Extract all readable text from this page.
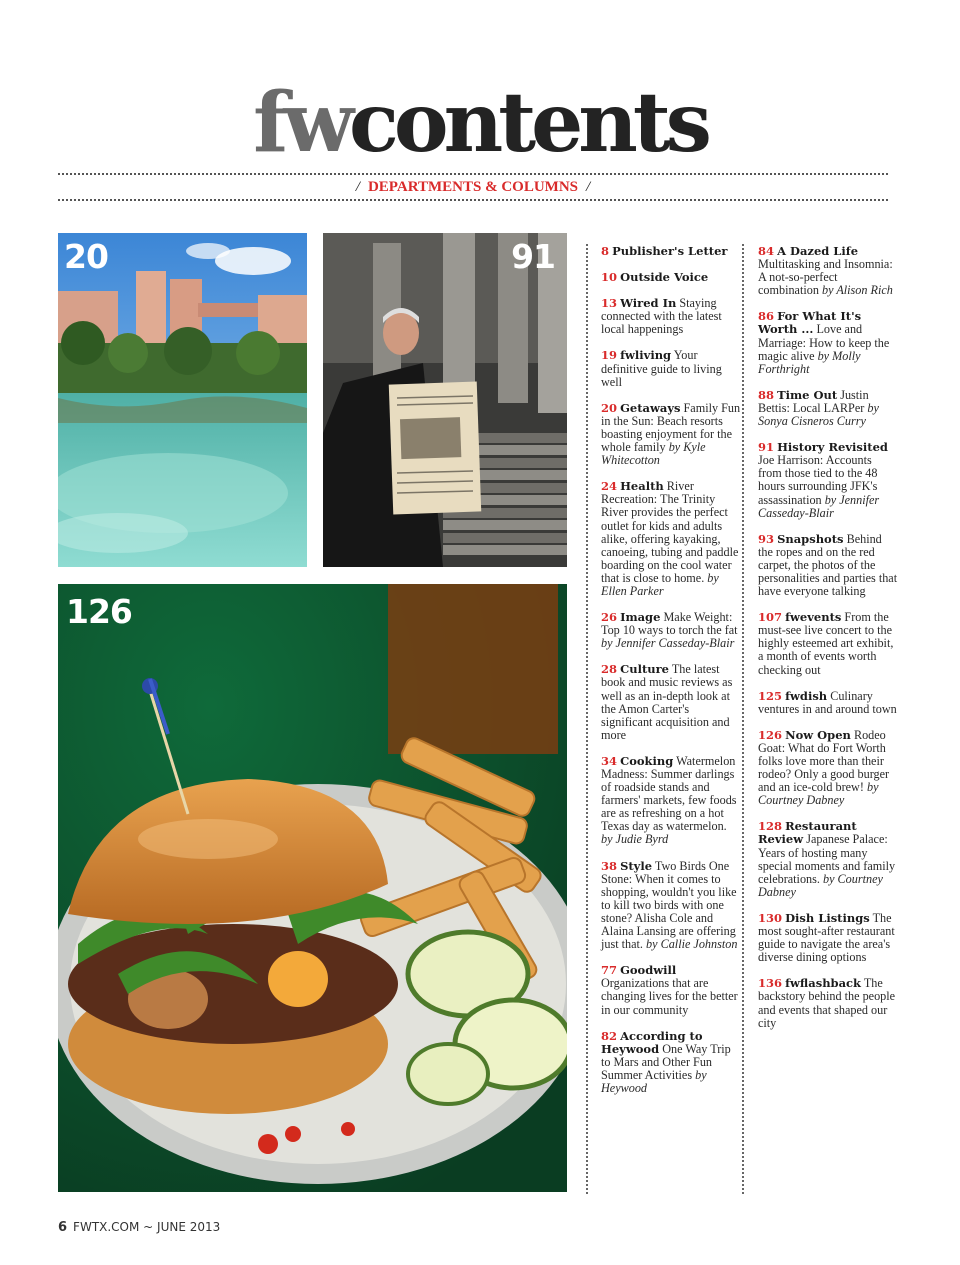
fwcontents
/ DEPARTMENTS & COLUMNS /
20	91
126
8 Publisher's Letter
10 Outside Voice
13 Wired In Staying connected with the latest local happenings
19 fwliving Your definitive guide to living well
20 Getaways Family Fun in the Sun: Beach resorts boasting enjoyment for the whole family by Kyle Whitecotton
24 Health River Recreation: The Trinity River provides the perfect outlet for kids and adults alike, offering kayaking, canoeing, tubing and paddle boarding on the cool water that is close to home. by Ellen Parker
26 Image Make Weight: Top 10 ways to torch the fat by Jennifer Casseday-Blair
28 Culture The latest book and music reviews as well as an in-depth look at the Amon Carter's significant acquisition and more
34 Cooking Watermelon Madness: Summer darlings of roadside stands and farmers' markets, few foods are as refreshing on a hot Texas day as watermelon. by Judie Byrd
38 Style Two Birds One Stone: When it comes to shopping, wouldn't you like to kill two birds with one stone? Alisha Cole and Alaina Lansing are offering just that. by Callie Johnston
77 Goodwill Organizations that are changing lives for the better in our community
82 According to Heywood One Way Trip to Mars and Other Fun Summer Activities by Heywood
84 A Dazed Life Multitasking and Insomnia: A not-so-perfect combination by Alison Rich
86 For What It's Worth ... Love and Marriage: How to keep the magic alive by Molly Forthright
88 Time Out Justin Bettis: Local LARPer by Sonya Cisneros Curry
91 History Revisited Joe Harrison: Accounts from those tied to the 48 hours surrounding JFK's assassination by Jennifer Casseday-Blair
93 Snapshots Behind the ropes and on the red carpet, the photos of the personalities and parties that have everyone talking
107 fwevents From the must-see live concert to the highly esteemed art exhibit, a month of events worth checking out
125 fwdish Culinary ventures in and around town
126 Now Open Rodeo Goat: What do Fort Worth folks love more than their rodeo? Only a good burger and an ice-cold brew! by Courtney Dabney
128 Restaurant Review Japanese Palace: Years of hosting many special moments and family celebrations. by Courtney Dabney
130 Dish Listings The most sought-after restaurant guide to navigate the area's diverse dining options
136 fwflashback The backstory behind the people and events that shaped our city
6 FWTX.COM ~ JUNE 2013
